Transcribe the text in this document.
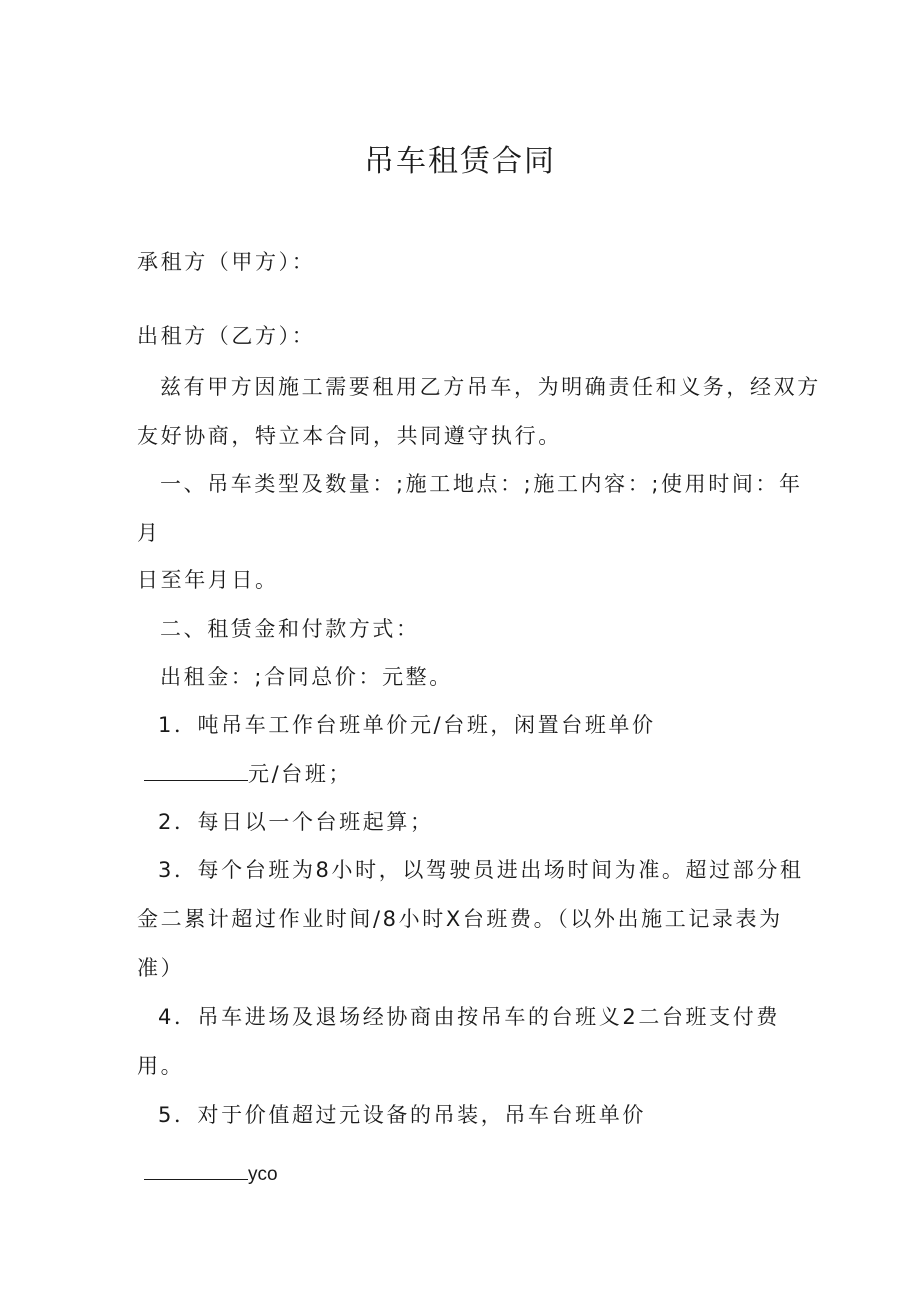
吊车租赁合同

承租方（甲方）：

出租方（乙方）：

兹有甲方因施工需要租用乙方吊车，为明确责任和义务，经双方

友好协商，特立本合同，共同遵守执行。

一、吊车类型及数量：;施工地点：;施工内容：;使用时间：年

月

日至年月日。

二、租赁金和付款方式：

出租金：;合同总价：元整。

1．吨吊车工作台班单价元/台班，闲置台班单价

元/台班；

2．每日以一个台班起算；

3．每个台班为8小时，以驾驶员进出场时间为准。超过部分租

金二累计超过作业时间/8小时X台班费。（以外出施工记录表为

准）

4．吊车进场及退场经协商由按吊车的台班义2二台班支付费

用。

5．对于价值超过元设备的吊装，吊车台班单价

yco
